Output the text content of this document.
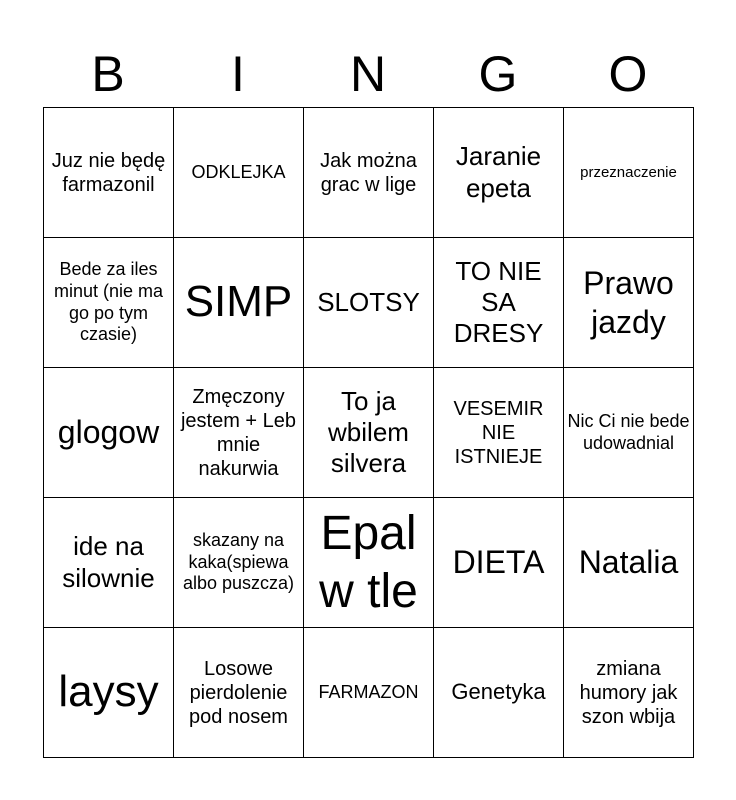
B	I	N	G	O
Juz nie będę farmazonil	ODKLEJKA	Jak można grac w lige	Jaranie epeta	przeznaczenie
Bede za iles minut (nie ma go po tym czasie)	SIMP	SLOTSY	TO NIE SA DRESY	Prawo jazdy
glogow	Zmęczony jestem + Leb mnie nakurwia	To ja wbilem silvera	VESEMIR NIE ISTNIEJE	Nic Ci nie bede udowadnial
ide na silownie	skazany na kaka(spiewa albo puszcza)	Epal w tle	DIETA	Natalia
laysy	Losowe pierdolenie pod nosem	FARMAZON	Genetyka	zmiana humory jak szon wbija
